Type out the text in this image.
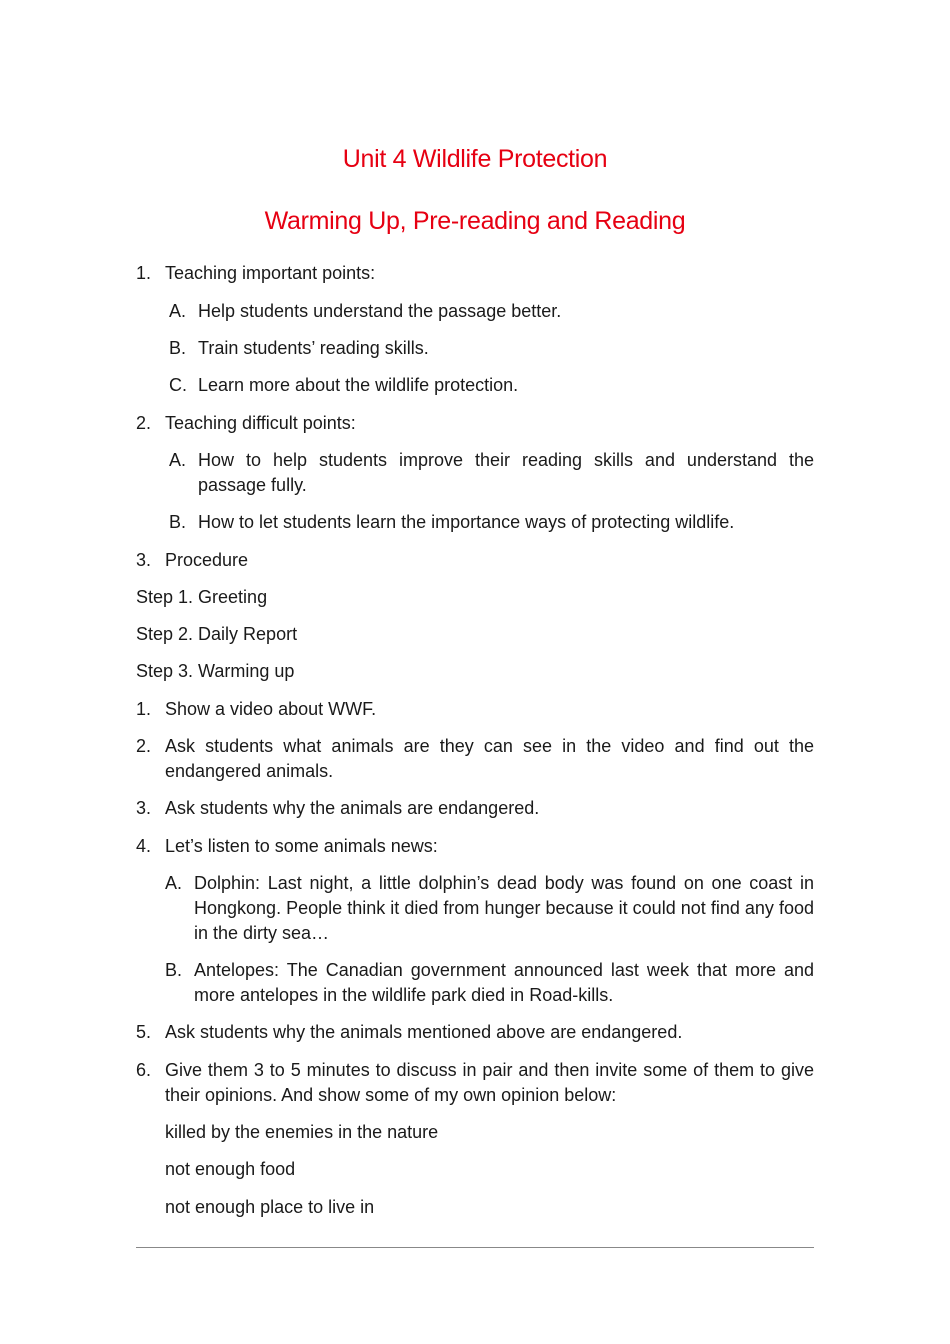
Unit 4 Wildlife Protection
Warming Up, Pre-reading and Reading
1. Teaching important points:
A. Help students understand the passage better.
B. Train students’ reading skills.
C. Learn more about the wildlife protection.
2. Teaching difficult points:
A. How to help students improve their reading skills and understand the passage fully.
B. How to let students learn the importance ways of protecting wildlife.
3. Procedure
Step 1. Greeting
Step 2. Daily Report
Step 3. Warming up
1. Show a video about WWF.
2. Ask students what animals are they can see in the video and find out the endangered animals.
3. Ask students why the animals are endangered.
4. Let’s listen to some animals news:
A. Dolphin: Last night, a little dolphin’s dead body was found on one coast in Hongkong. People think it died from hunger because it could not find any food in the dirty sea…
B. Antelopes: The Canadian government announced last week that more and more antelopes in the wildlife park died in Road-kills.
5. Ask students why the animals mentioned above are endangered.
6. Give them 3 to 5 minutes to discuss in pair and then invite some of them to give their opinions. And show some of my own opinion below:
killed by the enemies in the nature
not enough food
not enough place to live in
